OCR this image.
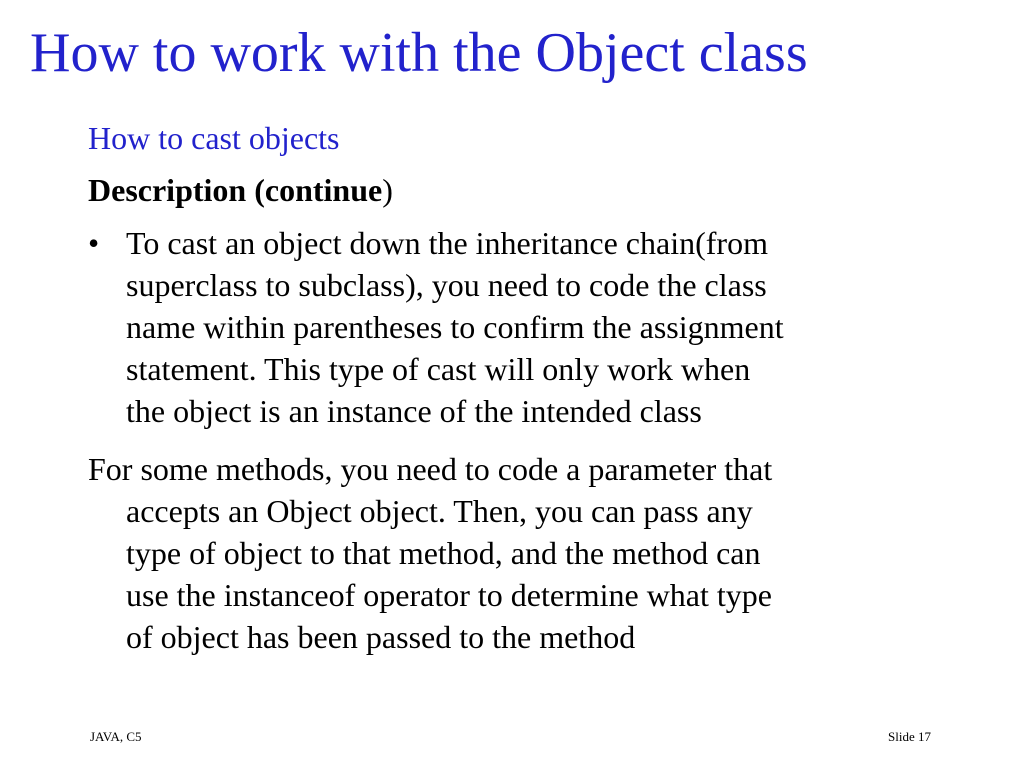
How to work with the Object class
How to cast objects
Description (continue)
• To cast an object down the inheritance chain(from
superclass to subclass), you need to code the class
name within parentheses to confirm the assignment
statement. This type of cast will only work when
the object is an instance of the intended class
For some methods, you need to code a parameter that
accepts an Object object. Then, you can pass any
type of object to that method, and the method can
use the instanceof operator to determine what type
of object has been passed to the method
JAVA, C5	Slide 17
